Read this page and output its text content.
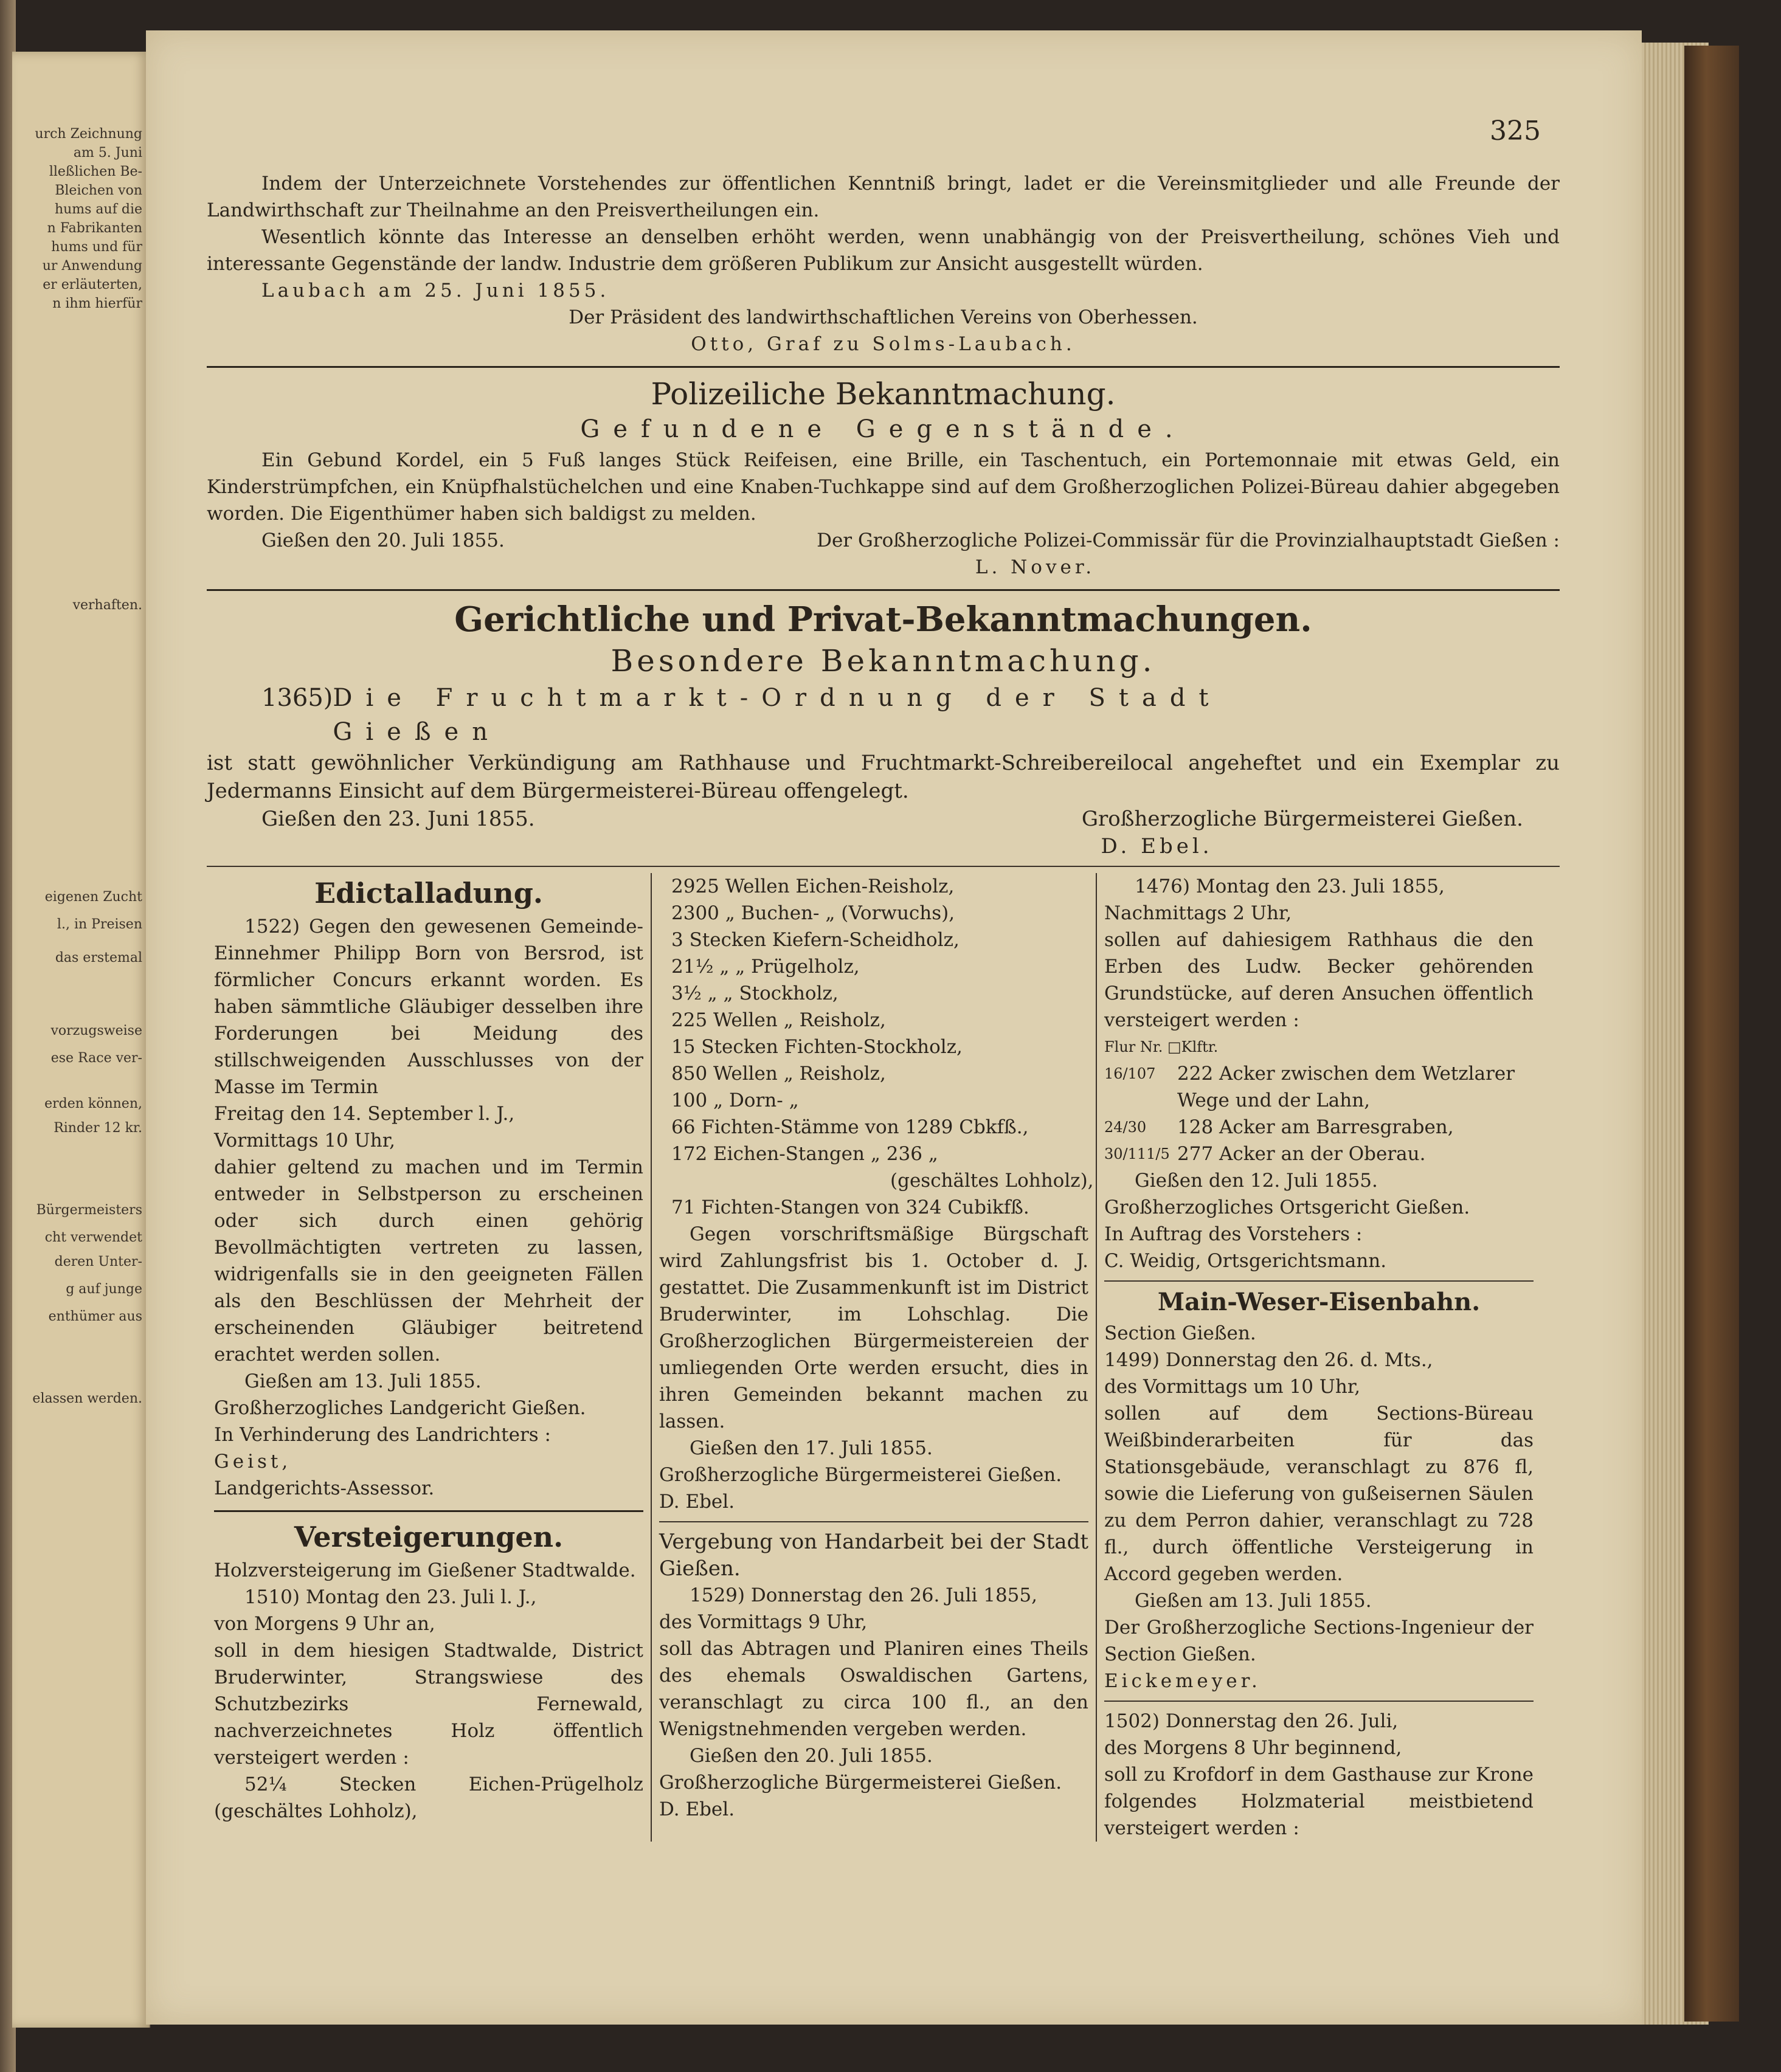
urch Zeichnung
am 5. Juni
lleßlichen Be-
Bleichen von
hums auf die
n Fabrikanten
hums und für
ur Anwendung
er erläuterten,
n ihm hierfür
verhaften.
eigenen Zucht
l., in Preisen
das erstemal
vorzugsweise
ese Race ver-
erden können,
Rinder 12 kr.
Bürgermeisters
cht verwendet
deren Unter-
g auf junge
enthümer aus
elassen werden.
325

Indem der Unterzeichnete Vorstehendes zur öffentlichen Kenntniß bringt, ladet er die Vereinsmitglieder und alle Freunde der Landwirthschaft zur Theilnahme an den Preisvertheilungen ein.

Wesentlich könnte das Interesse an denselben erhöht werden, wenn unabhängig von der Preisvertheilung, schönes Vieh und interessante Gegenstände der landw. Industrie dem größeren Publikum zur Ansicht ausgestellt würden.

Laubach am 25. Juni 1855.

Der Präsident des landwirthschaftlichen Vereins von Oberhessen.

Otto, Graf zu Solms-Laubach.

Polizeiliche Bekanntmachung.
Gefundene Gegenstände.

Ein Gebund Kordel, ein 5 Fuß langes Stück Reifeisen, eine Brille, ein Taschentuch, ein Portemonnaie mit etwas Geld, ein Kinderstrümpfchen, ein Knüpfhalstüchelchen und eine Knaben-Tuchkappe sind auf dem Großherzoglichen Polizei-Büreau dahier abgegeben worden. Die Eigenthümer haben sich baldigst zu melden.

Gießen den 20. Juli 1855.	Der Großherzogliche Polizei-Commissär für die Provinzialhauptstadt Gießen :

L. Nover.

Gerichtliche und Privat-Bekanntmachungen.
Besondere Bekanntmachung.
1365) Die Fruchtmarkt-Ordnung der Stadt Gießen

ist statt gewöhnlicher Verkündigung am Rathhause und Fruchtmarkt-Schreibereilocal angeheftet und ein Exemplar zu Jedermanns Einsicht auf dem Bürgermeisterei-Büreau offengelegt.

Gießen den 23. Juni 1855.	Großherzogliche Bürgermeisterei Gießen.

D. Ebel.

Edictalladung.

1522) Gegen den gewesenen Gemeinde-Einnehmer Philipp Born von Bersrod, ist förmlicher Concurs erkannt worden. Es haben sämmtliche Gläubiger desselben ihre Forderungen bei Meidung des stillschweigenden Ausschlusses von der Masse im Termin

Freitag den 14. September l. J.,

Vormittags 10 Uhr,

dahier geltend zu machen und im Termin entweder in Selbstperson zu erscheinen oder sich durch einen gehörig Bevollmächtigten vertreten zu lassen, widrigenfalls sie in den geeigneten Fällen als den Beschlüssen der Mehrheit der erscheinenden Gläubiger beitretend erachtet werden sollen.

Gießen am 13. Juli 1855.

Großherzogliches Landgericht Gießen.

In Verhinderung des Landrichters :

Geist,

Landgerichts-Assessor.

Versteigerungen.

Holzversteigerung im Gießener Stadtwalde.

1510) Montag den 23. Juli l. J.,

von Morgens 9 Uhr an,

soll in dem hiesigen Stadtwalde, District Bruderwinter, Strangswiese des Schutzbezirks Fernewald, nachverzeichnetes Holz öffentlich versteigert werden :

52¼ Stecken Eichen-Prügelholz (geschältes Lohholz),

2925 Wellen Eichen-Reisholz,
2300 „ Buchen- „ (Vorwuchs),
3 Stecken Kiefern-Scheidholz,
21½ „ „ Prügelholz,
3½ „ „ Stockholz,
225 Wellen „ Reisholz,
15 Stecken Fichten-Stockholz,
850 Wellen „ Reisholz,
100 „ Dorn- „
66 Fichten-Stämme von 1289 Cbkfß.,
172 Eichen-Stangen „ 236 „
(geschältes Lohholz),
71 Fichten-Stangen von 324 Cubikfß.

Gegen vorschriftsmäßige Bürgschaft wird Zahlungsfrist bis 1. October d. J. gestattet. Die Zusammenkunft ist im District Bruderwinter, im Lohschlag. Die Großherzoglichen Bürgermeistereien der umliegenden Orte werden ersucht, dies in ihren Gemeinden bekannt machen zu lassen.

Gießen den 17. Juli 1855.

Großherzogliche Bürgermeisterei Gießen.

D. Ebel.

Vergebung von Handarbeit bei der Stadt Gießen.

1529) Donnerstag den 26. Juli 1855,

des Vormittags 9 Uhr,

soll das Abtragen und Planiren eines Theils des ehemals Oswaldischen Gartens, veranschlagt zu circa 100 fl., an den Wenigstnehmenden vergeben werden.

Gießen den 20. Juli 1855.

Großherzogliche Bürgermeisterei Gießen.

D. Ebel.

1476) Montag den 23. Juli 1855,

Nachmittags 2 Uhr,

sollen auf dahiesigem Rathhaus die den Erben des Ludw. Becker gehörenden Grundstücke, auf deren Ansuchen öffentlich versteigert werden :

Flur Nr. □Klftr.

16/107	222 Acker zwischen dem Wetzlarer Wege und der Lahn,
24/30	128 Acker am Barresgraben,
30/111/5 277 Acker an der Oberau.

Gießen den 12. Juli 1855.

Großherzogliches Ortsgericht Gießen.

In Auftrag des Vorstehers :

C. Weidig, Ortsgerichtsmann.

Main-Weser-Eisenbahn.

Section Gießen.

1499) Donnerstag den 26. d. Mts.,

des Vormittags um 10 Uhr,

sollen auf dem Sections-Büreau Weißbinderarbeiten für das Stationsgebäude, veranschlagt zu 876 fl, sowie die Lieferung von gußeisernen Säulen zu dem Perron dahier, veranschlagt zu 728 fl., durch öffentliche Versteigerung in Accord gegeben werden.

Gießen am 13. Juli 1855.

Der Großherzogliche Sections-Ingenieur der Section Gießen.

Eickemeyer.

1502) Donnerstag den 26. Juli,

des Morgens 8 Uhr beginnend,

soll zu Krofdorf in dem Gasthause zur Krone folgendes Holzmaterial meistbietend versteigert werden :
